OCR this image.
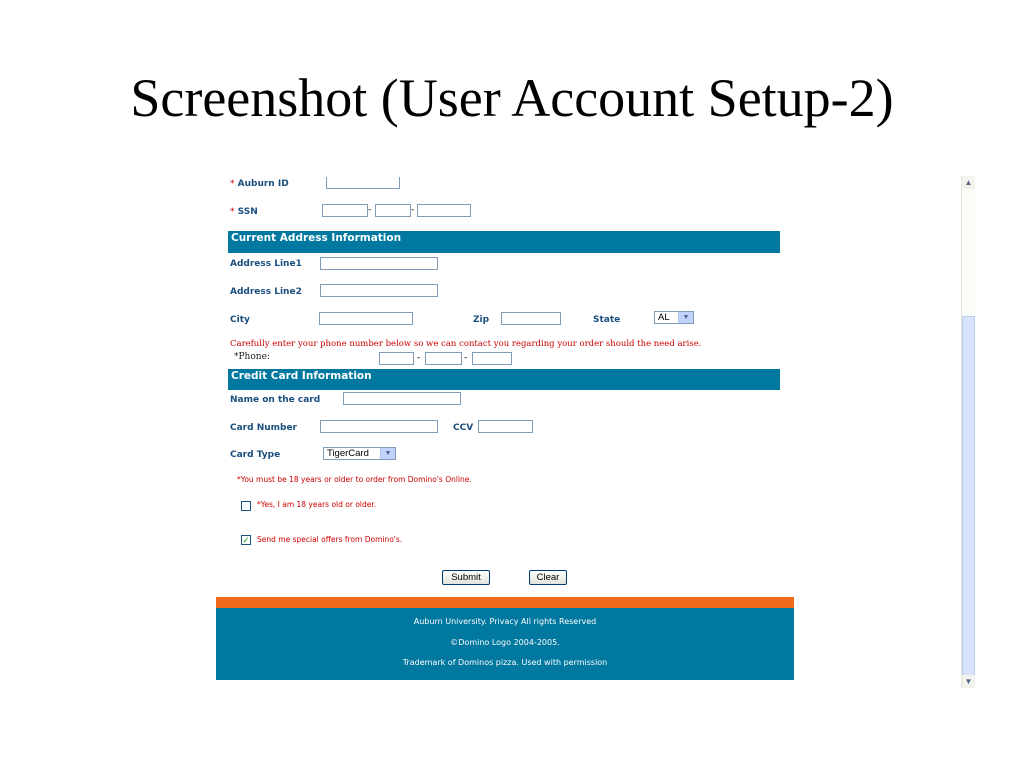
Screenshot (User Account Setup-2)
* Auburn ID
* SSN	-	-
Current Address Information
Address Line1
Address Line2
City	Zip	State	AL	▼
Carefully enter your phone number below so we can contact you regarding your order should the need arise.
*Phone:	-	-
Credit Card Information
Name on the card
Card Number	CCV
Card Type	TigerCard	▼
*You must be 18 years or older to order from Domino's Online.
*Yes, I am 18 years old or older.
✓ Send me special offers from Domino's.
Submit	Clear
Auburn University. Privacy All rights Reserved
©Domino Logo 2004-2005.
Trademark of Dominos pizza. Used with permission
▲
▼
